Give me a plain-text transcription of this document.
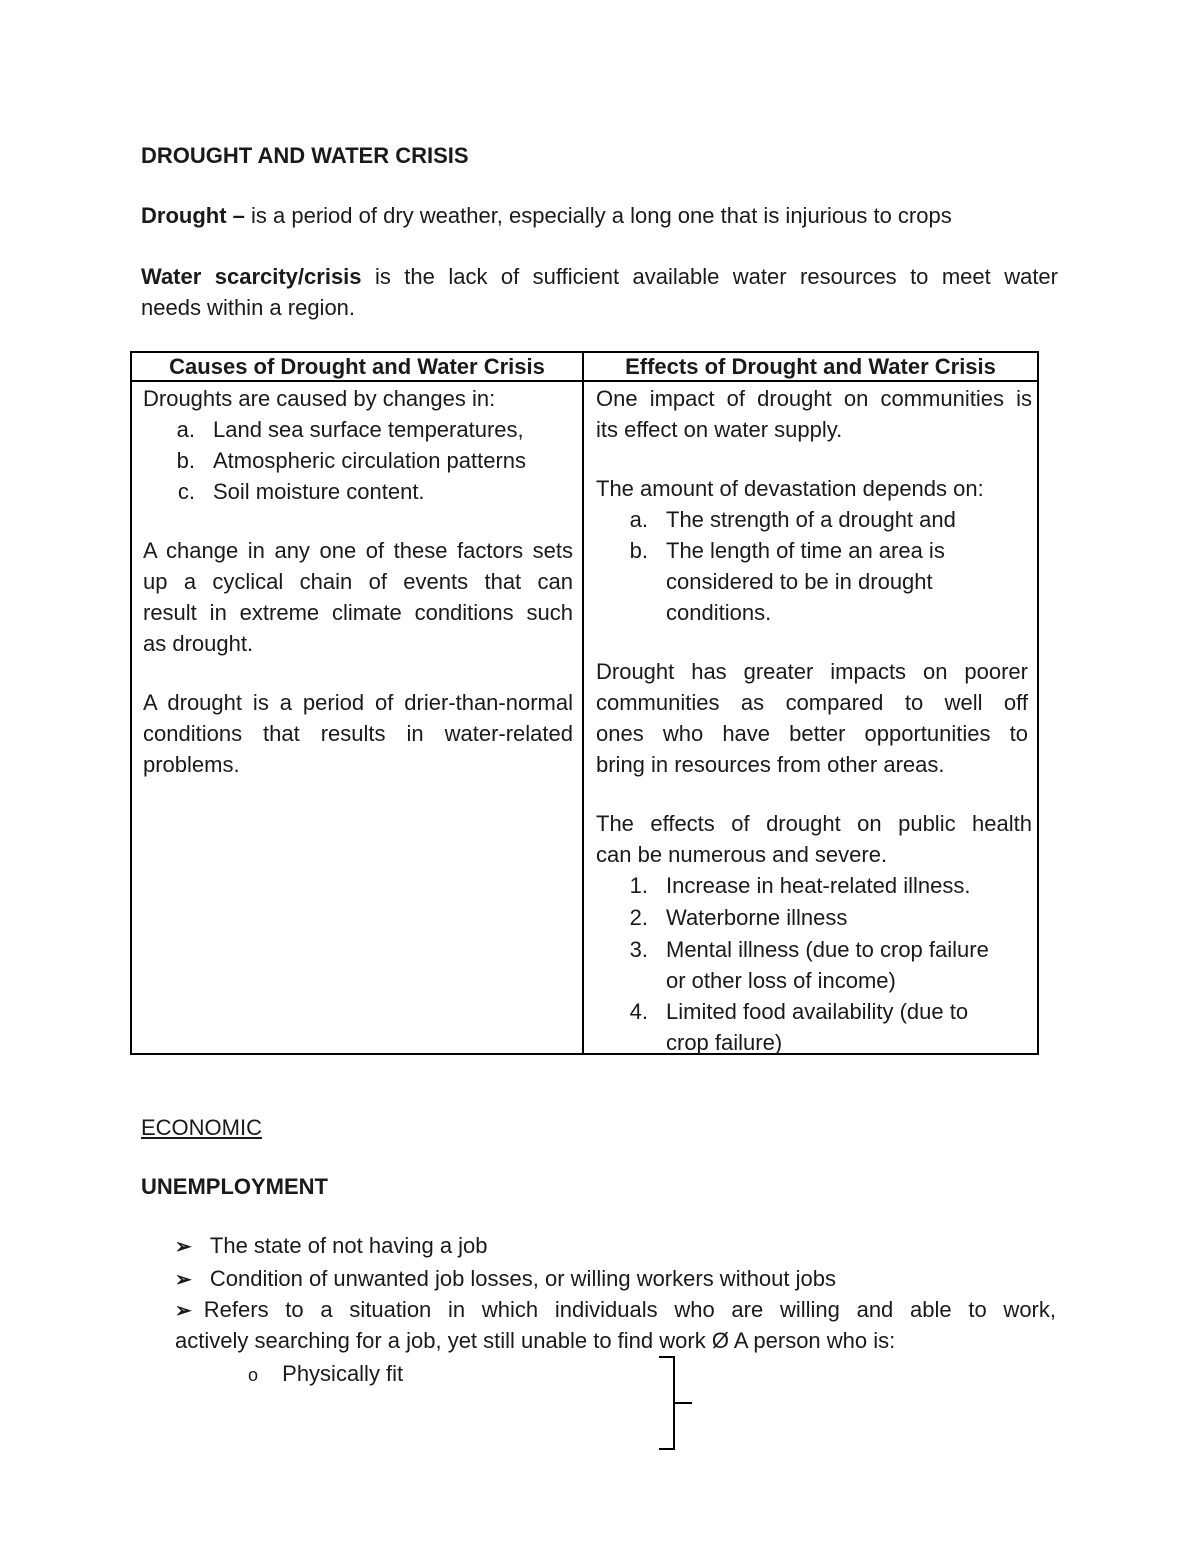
DROUGHT AND WATER CRISIS
Drought – is a period of dry weather, especially a long one that is injurious to crops
Water scarcity/crisis is the lack of sufficient available water resources to meet water
needs within a region.
Causes of Drought and Water Crisis	Effects of Drought and Water Crisis
Droughts are caused by changes in:
a. Land sea surface temperatures,
b. Atmospheric circulation patterns
c. Soil moisture content.
A change in any one of these factors sets
up a cyclical chain of events that can
result in extreme climate conditions such
as drought.
A drought is a period of drier-than-normal
conditions that results in water-related
problems.
One impact of drought on communities is
its effect on water supply.
The amount of devastation depends on:
a. The strength of a drought and
b. The length of time an area is
considered to be in drought
conditions.
Drought has greater impacts on poorer
communities as compared to well off
ones who have better opportunities to
bring in resources from other areas.
The effects of drought on public health
can be numerous and severe.
1. Increase in heat-related illness.
2. Waterborne illness
3. Mental illness (due to crop failure
or other loss of income)
4. Limited food availability (due to
crop failure)
ECONOMIC
UNEMPLOYMENT
➢ The state of not having a job
➢ Condition of unwanted job losses, or willing workers without jobs
➢ Refers to a situation in which individuals who are willing and able to work,
actively searching for a job, yet still unable to find work Ø A person who is:
o Physically fit
